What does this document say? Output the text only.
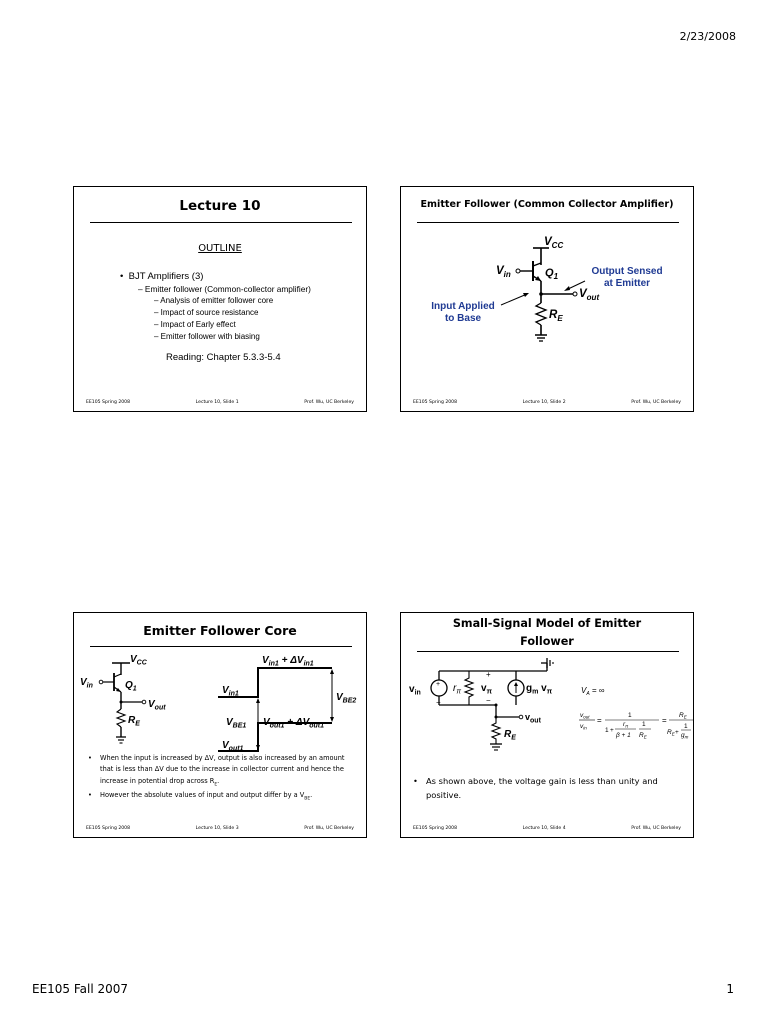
2/23/2008
Lecture 10
OUTLINE
•  BJT Amplifiers (3)
– Emitter follower (Common-collector amplifier)
– Analysis of emitter follower core
– Impact of source resistance
– Impact of Early effect
– Emitter follower with biasing
Reading: Chapter 5.3.3-5.4
EE105 Spring 2008	Lecture 10, Slide 1	Prof. Wu, UC Berkeley
Emitter Follower (Common Collector Amplifier)
$V_{CC}$
$V_{in}$	$Q_1$
$V_{out}$
$R_E$
Output Sensed
at Emitter
Input Applied
to Base
EE105 Spring 2008	Lecture 10, Slide 2	Prof. Wu, UC Berkeley
Emitter Follower Core
$V_{CC}$
$V_{in}$	$Q_1$
$V_{out}$
$R_E$
$V_{in1} + \Delta V_{in1}$
$V_{in1}$
$V_{BE1}$ $V_{out1} + \Delta V_{out1}$
$V_{BE2}$
$V_{out1}$
•	When the input is increased by ΔV, output is also increased by an amount that is less than ΔV due to the increase in collector current and hence the increase in potential drop across $R_E$.
•	However the absolute values of input and output differ by a $V_{BE}$.
EE105 Spring 2008	Lecture 10, Slide 3	Prof. Wu, UC Berkeley
Small-Signal Model of Emitter
Follower
+
−
+
−
$v_{in}$	$r_\pi$ $v_\pi$	$g_m$ $v_\pi$
$v_{out}$
$R_E$
$V_A$ = ∞
$v_{out}$
$v_{in}$
=
1
1 +
$r_\pi$
β + 1
1
$R_E$
=
$R_E$
$R_E$ +
1
$g_m$
• As shown above, the voltage gain is less than unity and positive.
EE105 Spring 2008	Lecture 10, Slide 4	Prof. Wu, UC Berkeley
EE105 Fall 2007	1
